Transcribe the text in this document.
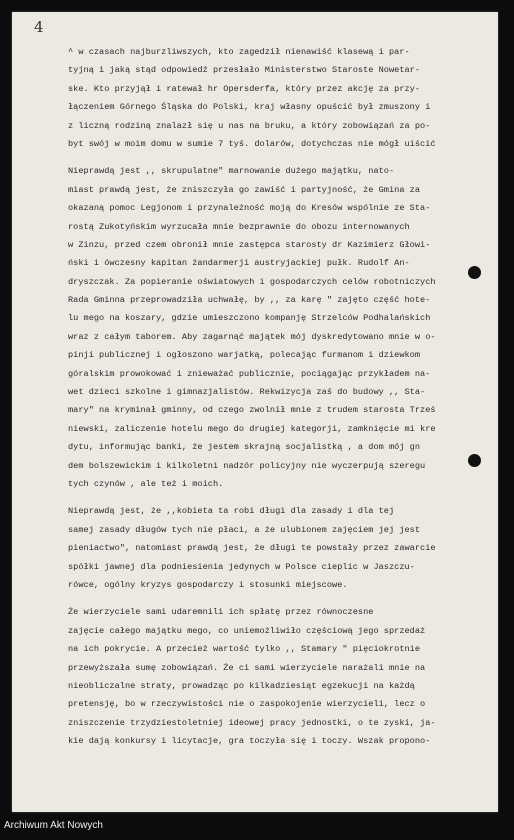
4
^ w czasach najburzliwszych, kto zagedził nienawiść klasewą i par-
tyjną i jaką stąd odpowiedź przesłało Ministerstwo Staroste Nowetar-
ske. Kto przyjął i ratewał hr Opersderfa, który przez akcję za przy-
łączeniem Górnego Śląska do Polski, kraj własny opuścić był zmuszony i
z liczną rodziną znalazł się u nas na bruku, a który zobowiązań za po-
byt swój w moim domu w sumie 7 tyś. dolarów, dotychczas nie mógł uiścić
Nieprawdą jest ,, skrupulatne" marnowanie dużego majątku, nato-
miast prawdą jest, że zniszczyła go zawiść i partyjność, że Gmina za
okazaną pomoc Legjonom i przynależność moją do Kresów wspólnie ze Sta-
rostą Zukotyńskim wyrzucała mnie bezprawnie do obozu internowanych
w Zinzu, przed czem obronił mnie zastępca starosty dr Kazimierz Głowi-
ński i ówczesny kapitan żandarmerji austryjackiej pułk. Rudolf An-
dryszczak. Za popieranie oświatowych i gospodarczych celów robotniczych
Rada Gminna przeprowadziła uchwałę, by ,, za karę " zajęto część hote-
lu mego na koszary, gdzie umieszczono kompanję Strzelców Podhalańskich
wraz z całym taborem. Aby zagarnąć majątek mój dyskredytowano mnie w o-
pinji publicznej i ogłoszono warjatką, polecając furmanom i dziewkom
góralskim prowokować i znieważać publicznie, pociągając przykładem na-
wet dzieci szkolne i gimnazjalistów. Rekwizycja zaś do budowy ,, Sta-
mary" na kryminał gminny, od czego zwolnił mnie z trudem starosta Trześ
niewski, zaliczenie hotelu mego do drugiej kategorji, zamknięcie mi kre
dytu, informując banki, że jestem skrajną socjalistką , a dom mój gn
dem bolszewickim i kilkoletni nadzór policyjny nie wyczerpują szeregu
tych czynów , ale też i moich.
Nieprawdą jest, że ,,kobieta ta robi długi dla zasady i dla tej
samej zasady długów tych nie płaci, a że ulubionem zajęciem jej jest
pieniactwo", natomiast prawdą jest, że długi te powstały przez zawarcie
spółki jawnej dla podniesienia jedynych w Polsce cieplic w Jaszczu-
rówce, ogólny kryzys gospodarczy i stosunki miejscowe.
Że wierzyciele sami udaremnili ich spłatę przez równoczesne
zajęcie całego majątku mego, co uniemożliwiło częściową jego sprzedaż
na ich pokrycie. A przecież wartość tylko ,, Stamary " pięciokrotnie
przewyższała sumę zobowiązań. Że ci sami wierzyciele narażali mnie na
nieobliczalne straty, prowadząc po kilkadziesiąt egzekucji na każdą
pretensję, bo w rzeczywistości nie o zaspokojenie wierzycieli, lecz o
zniszczenie trzydziestoletniej ideowej pracy jednostki, o te zyski, ja-
kie dają konkursy i licytacje, gra toczyła się i toczy. Wszak propono-
Archiwum Akt Nowych
